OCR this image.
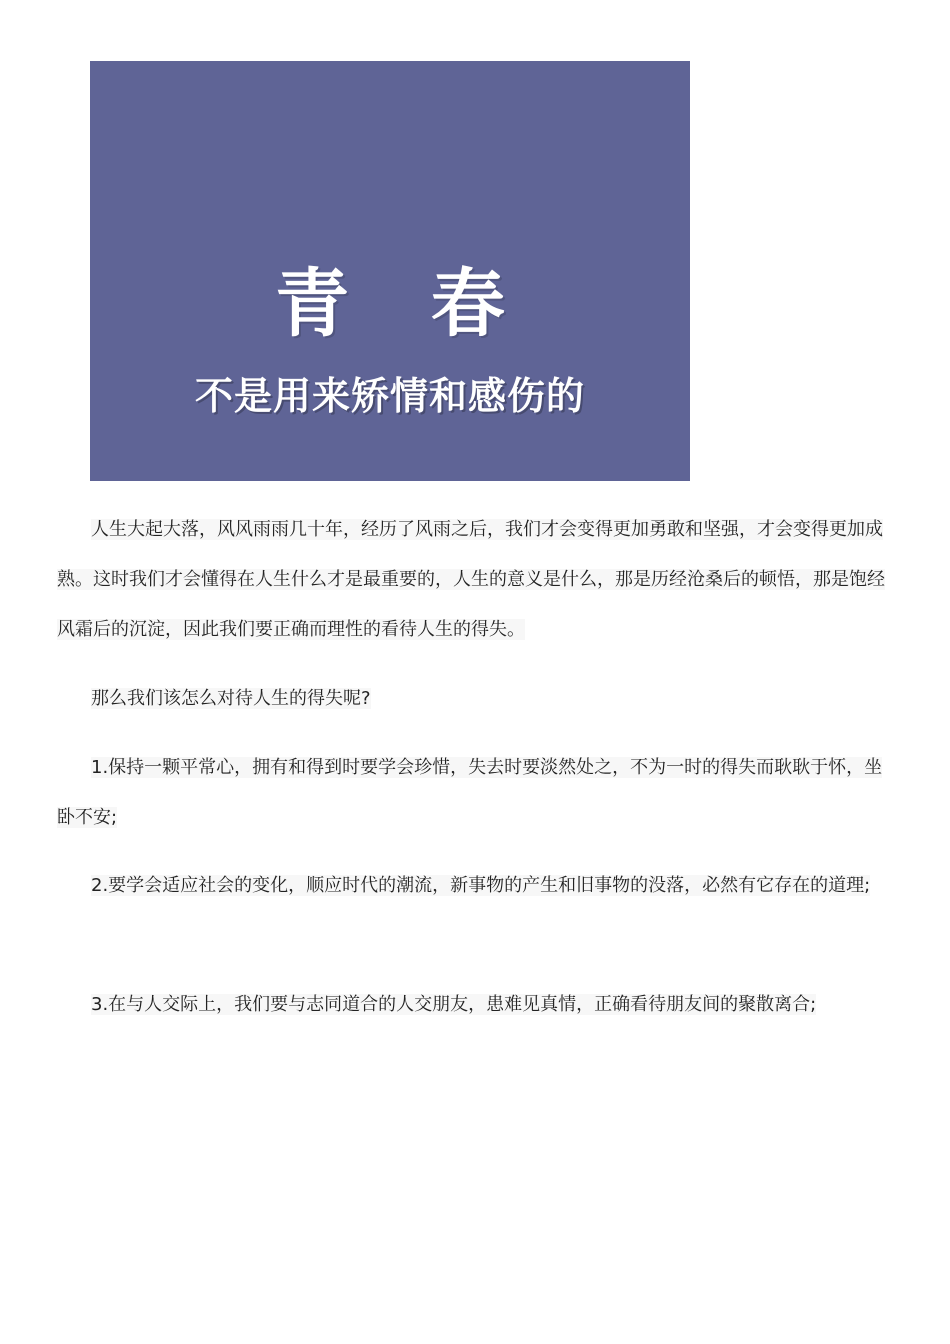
青 春
不是用来矫情和感伤的

人生大起大落，风风雨雨几十年，经历了风雨之后，我们才会变得更加勇敢和坚强，才会变得更加成熟。这时我们才会懂得在人生什么才是最重要的，人生的意义是什么，那是历经沧桑后的顿悟，那是饱经风霜后的沉淀，因此我们要正确而理性的看待人生的得失。

那么我们该怎么对待人生的得失呢?

1.保持一颗平常心，拥有和得到时要学会珍惜，失去时要淡然处之，不为一时的得失而耿耿于怀，坐卧不安;

2.要学会适应社会的变化，顺应时代的潮流，新事物的产生和旧事物的没落，必然有它存在的道理;

3.在与人交际上，我们要与志同道合的人交朋友，患难见真情，正确看待朋友间的聚散离合;
